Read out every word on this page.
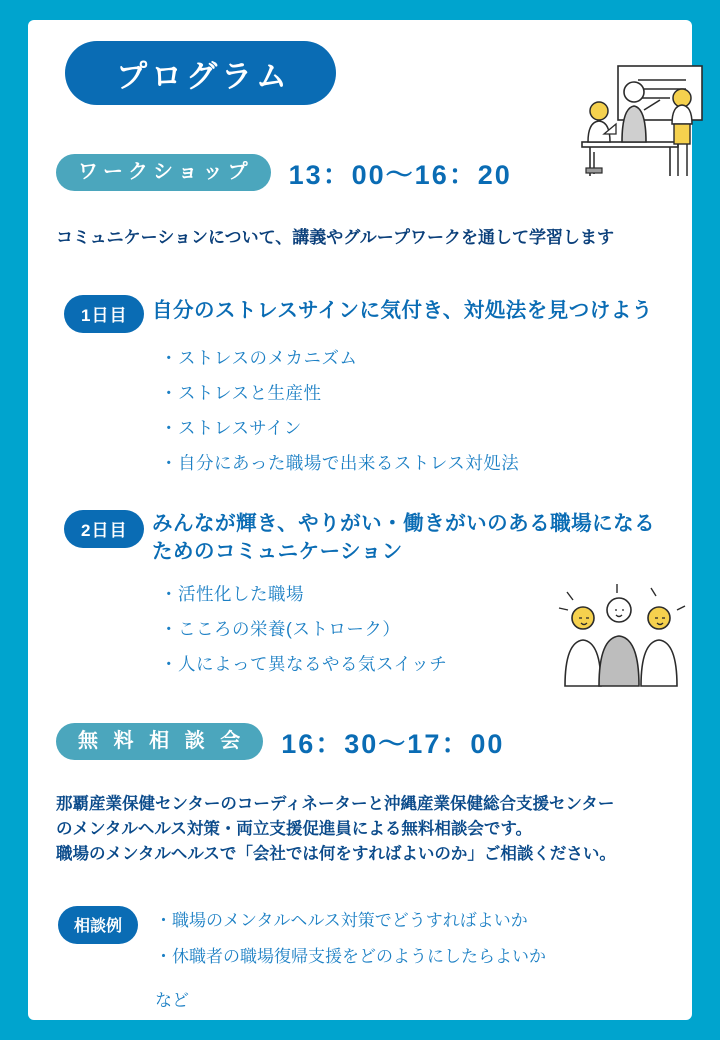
プログラム
ワークショップ	13：00〜16：20
コミュニケーションについて、講義やグループワークを通して学習します
1日目	自分のストレスサインに気付き、対処法を見つけよう
・ストレスのメカニズム
・ストレスと生産性
・ストレスサイン
・自分にあった職場で出来るストレス対処法
2日目	みんなが輝き、やりがい・働きがいのある職場になるためのコミュニケーション
・活性化した職場
・こころの栄養(ストローク）
・人によって異なるやる気スイッチ
無 料 相 談 会	16：30〜17：00
那覇産業保健センターのコーディネーターと沖縄産業保健総合支援センター
のメンタルヘルス対策・両立支援促進員による無料相談会です。
職場のメンタルヘルスで「会社では何をすればよいのか」ご相談ください。
相談例	・職場のメンタルヘルス対策でどうすればよいか
・休職者の職場復帰支援をどのようにしたらよいか
など
